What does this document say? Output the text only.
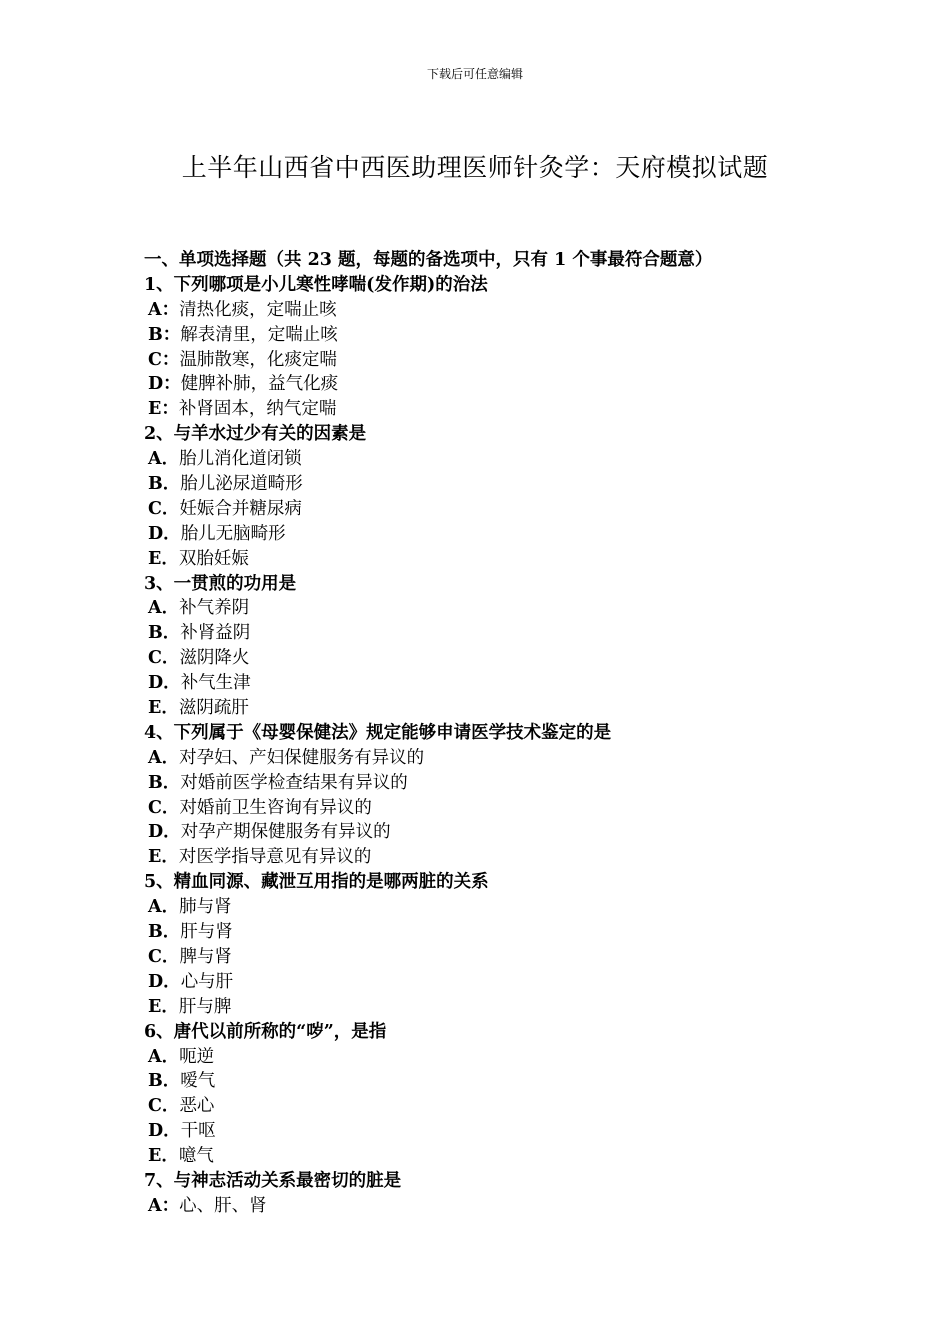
下载后可任意编辑
上半年山西省中西医助理医师针灸学：天府模拟试题
一、单项选择题（共 23 题，每题的备选项中，只有 1 个事最符合题意）
1、下列哪项是小儿寒性哮喘(发作期)的治法
A：清热化痰，定喘止咳
B：解表清里，定喘止咳
C：温肺散寒，化痰定喘
D：健脾补肺，益气化痰
E：补肾固本，纳气定喘
2、与羊水过少有关的因素是
A．胎儿消化道闭锁
B．胎儿泌尿道畸形
C．妊娠合并糖尿病
D．胎儿无脑畸形
E．双胎妊娠
3、一贯煎的功用是
A．补气养阴
B．补肾益阴
C．滋阴降火
D．补气生津
E．滋阴疏肝
4、下列属于《母婴保健法》规定能够申请医学技术鉴定的是
A．对孕妇、产妇保健服务有异议的
B．对婚前医学检查结果有异议的
C．对婚前卫生咨询有异议的
D．对孕产期保健服务有异议的
E．对医学指导意见有异议的
5、精血同源、藏泄互用指的是哪两脏的关系
A．肺与肾
B．肝与肾
C．脾与肾
D．心与肝
E．肝与脾
6、唐代以前所称的“哕”，是指
A．呃逆
B．嗳气
C．恶心
D．干呕
E．噫气
7、与神志活动关系最密切的脏是
A：心、肝、肾
